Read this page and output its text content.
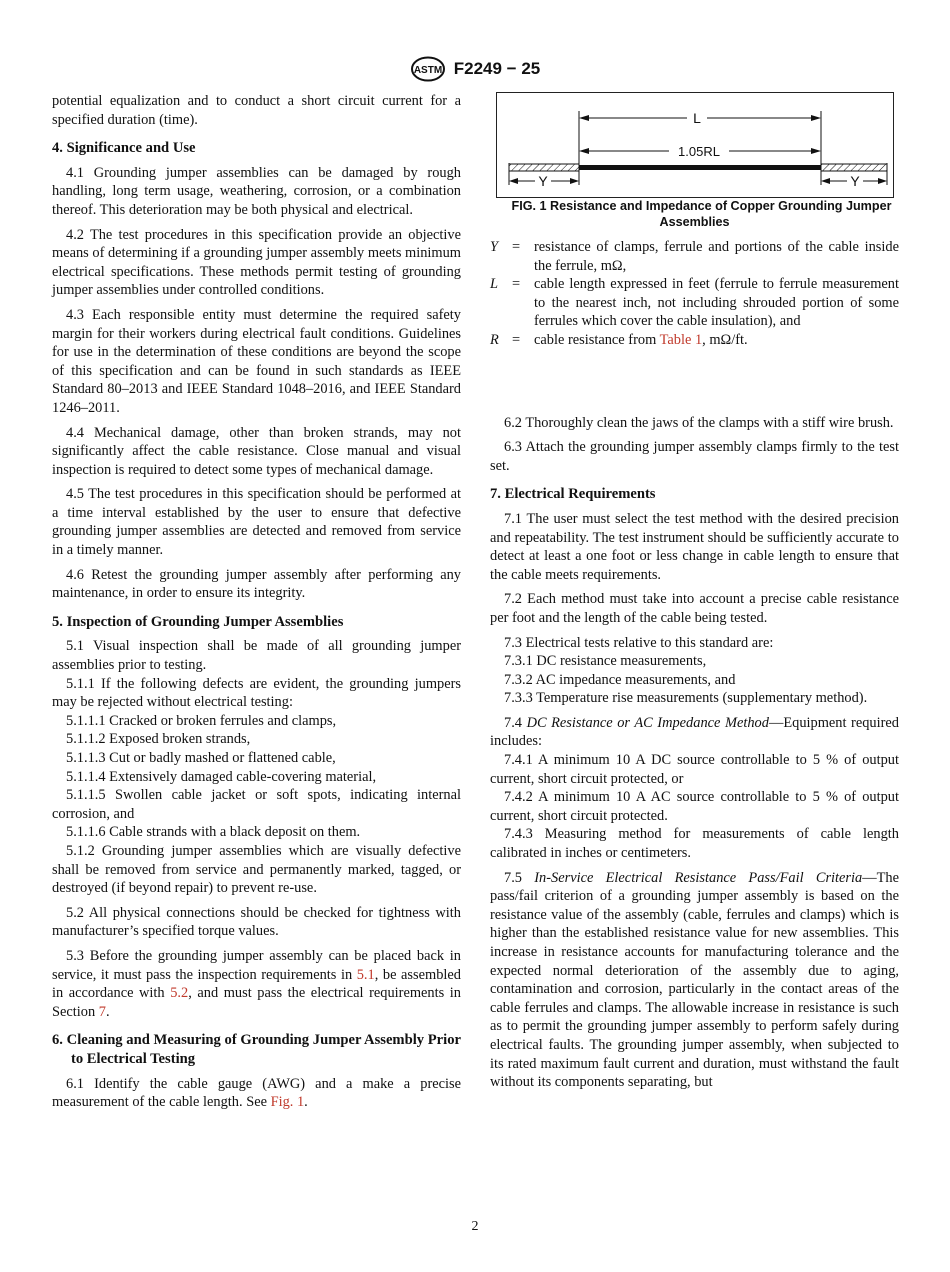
ASTM F2249 − 25

potential equalization and to conduct a short circuit current for a specified duration (time).

4. Significance and Use

4.1 Grounding jumper assemblies can be damaged by rough handling, long term usage, weathering, corrosion, or a combination thereof. This deterioration may be both physical and electrical.

4.2 The test procedures in this specification provide an objective means of determining if a grounding jumper assembly meets minimum electrical specifications. These methods permit testing of grounding jumper assemblies under controlled conditions.

4.3 Each responsible entity must determine the required safety margin for their workers during electrical fault conditions. Guidelines for use in the determination of these conditions are beyond the scope of this specification and can be found in such standards as IEEE Standard 80–2013 and IEEE Standard 1048–2016, and IEEE Standard 1246–2011.

4.4 Mechanical damage, other than broken strands, may not significantly affect the cable resistance. Close manual and visual inspection is required to detect some types of mechanical damage.

4.5 The test procedures in this specification should be performed at a time interval established by the user to ensure that defective grounding jumper assemblies are detected and removed from service in a timely manner.

4.6 Retest the grounding jumper assembly after performing any maintenance, in order to ensure its integrity.

5. Inspection of Grounding Jumper Assemblies

5.1 Visual inspection shall be made of all grounding jumper assemblies prior to testing.

5.1.1 If the following defects are evident, the grounding jumpers may be rejected without electrical testing:

5.1.1.1 Cracked or broken ferrules and clamps,

5.1.1.2 Exposed broken strands,

5.1.1.3 Cut or badly mashed or flattened cable,

5.1.1.4 Extensively damaged cable-covering material,

5.1.1.5 Swollen cable jacket or soft spots, indicating internal corrosion, and

5.1.1.6 Cable strands with a black deposit on them.

5.1.2 Grounding jumper assemblies which are visually defective shall be removed from service and permanently marked, tagged, or destroyed (if beyond repair) to prevent re-use.

5.2 All physical connections should be checked for tightness with manufacturer’s specified torque values.

5.3 Before the grounding jumper assembly can be placed back in service, it must pass the inspection requirements in 5.1, be assembled in accordance with 5.2, and must pass the electrical requirements in Section 7.

6. Cleaning and Measuring of Grounding Jumper Assembly Prior to Electrical Testing

6.1 Identify the cable gauge (AWG) and a make a precise measurement of the cable length. See Fig. 1.

L
1.05RL
Y	Y

FIG. 1 Resistance and Impedance of Copper Grounding Jumper Assemblies

Y = resistance of clamps, ferrule and portions of the cable inside the ferrule, mΩ,
L = cable length expressed in feet (ferrule to ferrule measurement to the nearest inch, not including shrouded portion of some ferrules which cover the cable insulation), and
R = cable resistance from Table 1, mΩ/ft.

6.2 Thoroughly clean the jaws of the clamps with a stiff wire brush.

6.3 Attach the grounding jumper assembly clamps firmly to the test set.

7. Electrical Requirements

7.1 The user must select the test method with the desired precision and repeatability. The test instrument should be sufficiently accurate to detect at least a one foot or less change in cable length to ensure that the cable meets requirements.

7.2 Each method must take into account a precise cable resistance per foot and the length of the cable being tested.

7.3 Electrical tests relative to this standard are:

7.3.1 DC resistance measurements,

7.3.2 AC impedance measurements, and

7.3.3 Temperature rise measurements (supplementary method).

7.4 DC Resistance or AC Impedance Method—Equipment required includes:

7.4.1 A minimum 10 A DC source controllable to 5 % of output current, short circuit protected, or

7.4.2 A minimum 10 A AC source controllable to 5 % of output current, short circuit protected.

7.4.3 Measuring method for measurements of cable length calibrated in inches or centimeters.

7.5 In-Service Electrical Resistance Pass/Fail Criteria—The pass/fail criterion of a grounding jumper assembly is based on the resistance value of the assembly (cable, ferrules and clamps) which is higher than the established resistance value for new assemblies. This increase in resistance accounts for manufacturing tolerance and the expected normal deterioration of the assembly due to aging, contamination and corrosion, particularly in the contact areas of the cable ferrules and clamps. The allowable increase in resistance is such as to permit the grounding jumper assembly to perform safely during electrical faults. The grounding jumper assembly, when subjected to its rated maximum fault current and duration, must withstand the fault without its components separating, but

2
